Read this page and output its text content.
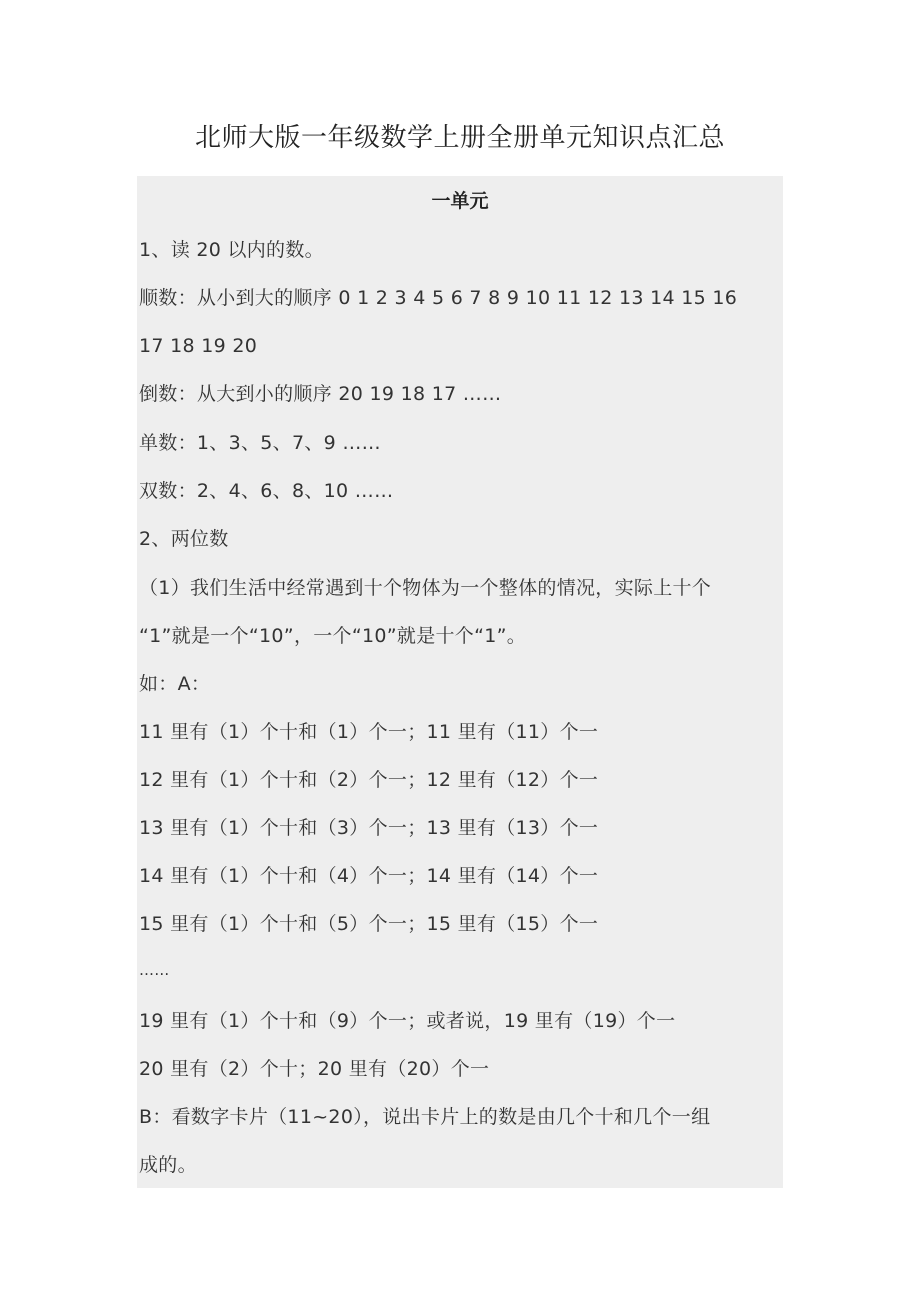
北师大版一年级数学上册全册单元知识点汇总
一单元
1、读 20 以内的数。
顺数：从小到大的顺序 0 1 2 3 4 5 6 7 8 9 10 11 12 13 14 15 16
17 18 19 20
倒数：从大到小的顺序 20 19 18 17 ……
单数：1、3、5、7、9 ……
双数：2、4、6、8、10 ……
2、两位数
（1）我们生活中经常遇到十个物体为一个整体的情况，实际上十个
“1”就是一个“10”，一个“10”就是十个“1”。
如：A：
11 里有（1）个十和（1）个一；11 里有（11）个一
12 里有（1）个十和（2）个一；12 里有（12）个一
13 里有（1）个十和（3）个一；13 里有（13）个一
14 里有（1）个十和（4）个一；14 里有（14）个一
15 里有（1）个十和（5）个一；15 里有（15）个一
……
19 里有（1）个十和（9）个一；或者说，19 里有（19）个一
20 里有（2）个十；20 里有（20）个一
B：看数字卡片（11~20），说出卡片上的数是由几个十和几个一组
成的。
